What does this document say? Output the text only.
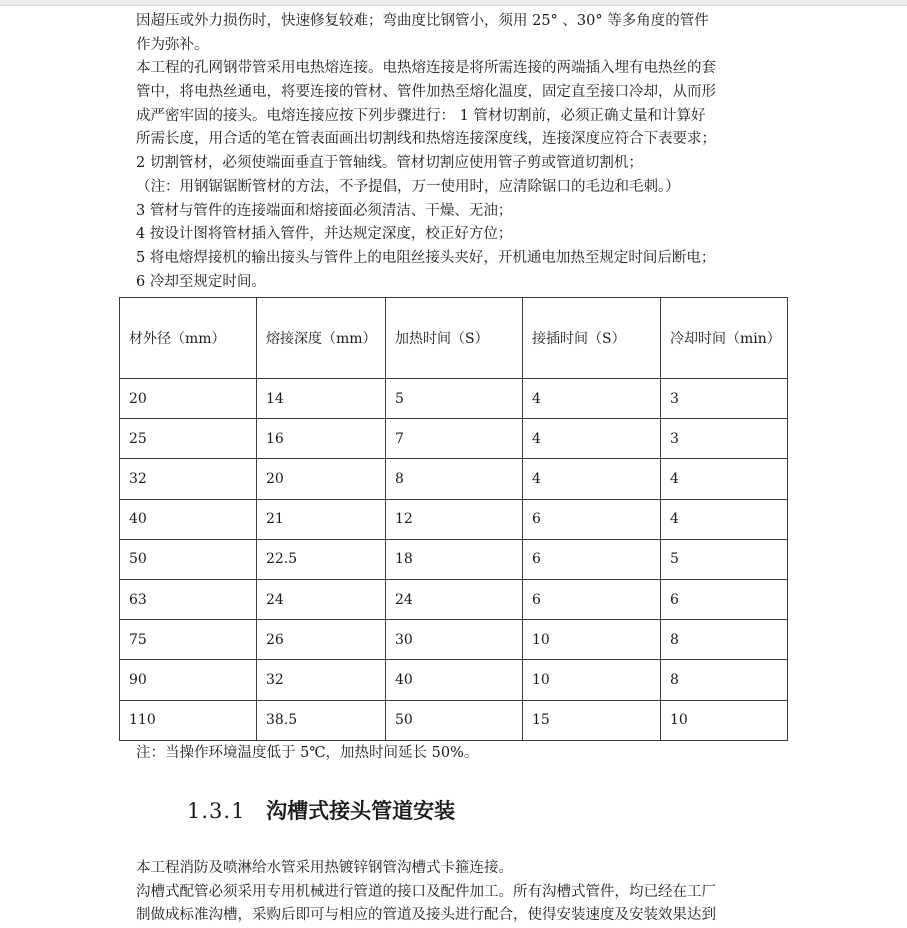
因超压或外力损伤时，快速修复较难；弯曲度比钢管小，须用 25° 、30° 等多角度的管件
作为弥补。
本工程的孔网钢带管采用电热熔连接。电热熔连接是将所需连接的两端插入埋有电热丝的套
管中，将电热丝通电，将要连接的管材、管件加热至熔化温度，固定直至接口冷却，从而形
成严密牢固的接头。电熔连接应按下列步骤进行： 1 管材切割前，必须正确丈量和计算好
所需长度，用合适的笔在管表面画出切割线和热熔连接深度线，连接深度应符合下表要求；
2 切割管材，必须使端面垂直于管轴线。管材切割应使用管子剪或管道切割机；
（注：用钢锯锯断管材的方法，不予提倡，万一使用时，应清除锯口的毛边和毛刺。）
3 管材与管件的连接端面和熔接面必须清洁、干燥、无油；
4 按设计图将管材插入管件，并达规定深度，校正好方位；
5 将电熔焊接机的输出接头与管件上的电阻丝接头夹好，开机通电加热至规定时间后断电；
6 冷却至规定时间。
材外径（mm）	熔接深度（mm）	加热时间（S）	接插时间（S）	冷却时间（min）
20	14	5	4	3
25	16	7	4	3
32	20	8	4	4
40	21	12	6	4
50	22.5	18	6	5
63	24	24	6	6
75	26	30	10	8
90	32	40	10	8
110	38.5	50	15	10
注：当操作环境温度低于 5℃，加热时间延长 50%。
1.3.1 沟槽式接头管道安装
本工程消防及喷淋给水管采用热镀锌钢管沟槽式卡箍连接。
沟槽式配管必须采用专用机械进行管道的接口及配件加工。所有沟槽式管件，均已经在工厂
制做成标准沟槽，采购后即可与相应的管道及接头进行配合，使得安装速度及安装效果达到
